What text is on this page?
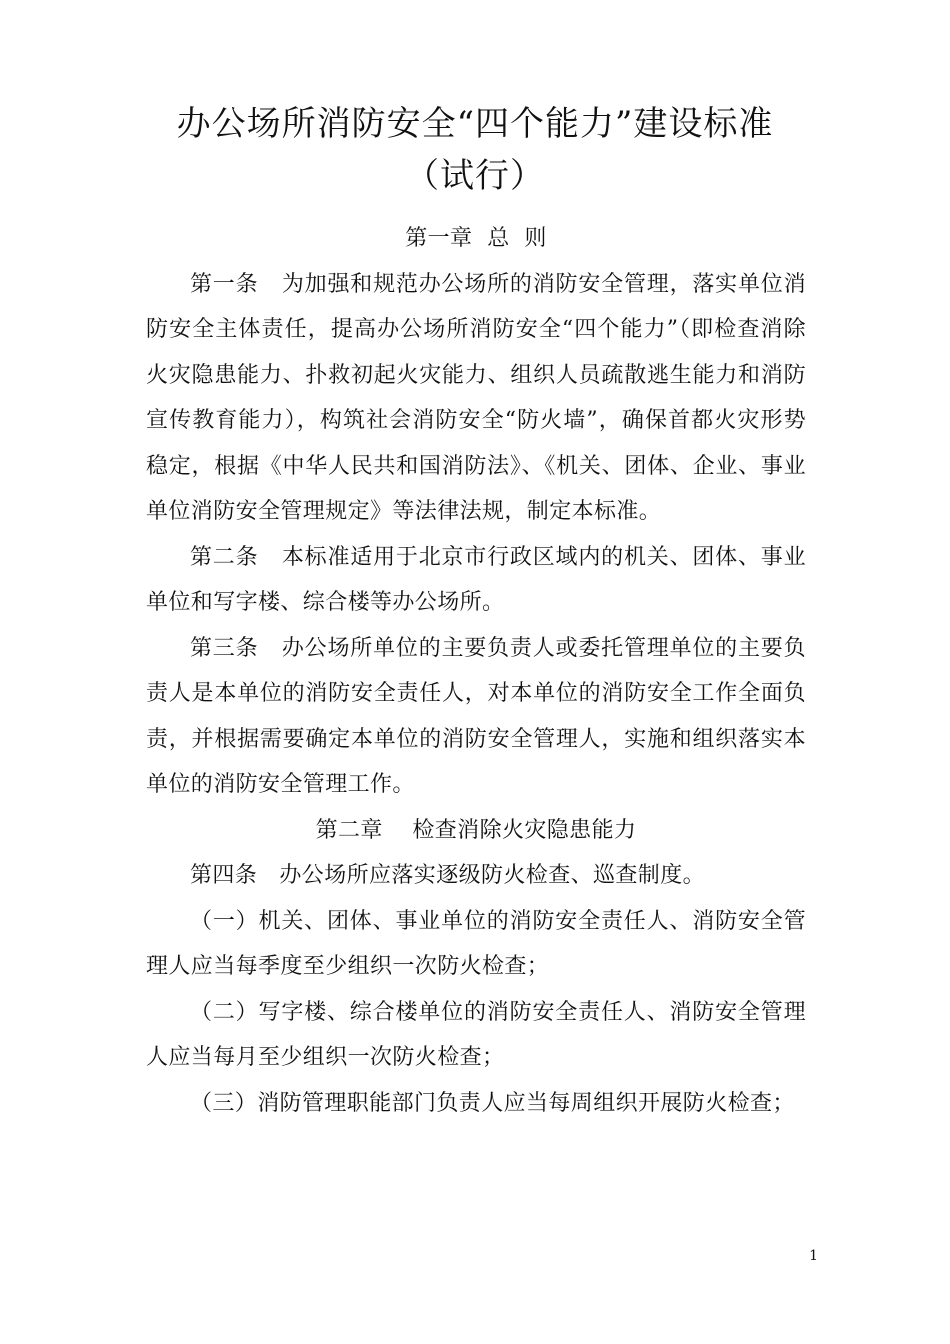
办公场所消防安全“四个能力”建设标准
（试行）

第一章  总  则

第一条 为加强和规范办公场所的消防安全管理，落实单位消防安全主体责任，提高办公场所消防安全“四个能力”（即检查消除火灾隐患能力、扑救初起火灾能力、组织人员疏散逃生能力和消防宣传教育能力），构筑社会消防安全“防火墙”，确保首都火灾形势稳定，根据《中华人民共和国消防法》、《机关、团体、企业、事业单位消防安全管理规定》等法律法规，制定本标准。

第二条 本标准适用于北京市行政区域内的机关、团体、事业单位和写字楼、综合楼等办公场所。

第三条 办公场所单位的主要负责人或委托管理单位的主要负责人是本单位的消防安全责任人，对本单位的消防安全工作全面负责，并根据需要确定本单位的消防安全管理人，实施和组织落实本单位的消防安全管理工作。

第二章    检查消除火灾隐患能力

第四条 办公场所应落实逐级防火检查、巡查制度。

（一）机关、团体、事业单位的消防安全责任人、消防安全管理人应当每季度至少组织一次防火检查；

（二）写字楼、综合楼单位的消防安全责任人、消防安全管理人应当每月至少组织一次防火检查；

（三）消防管理职能部门负责人应当每周组织开展防火检查；

1
